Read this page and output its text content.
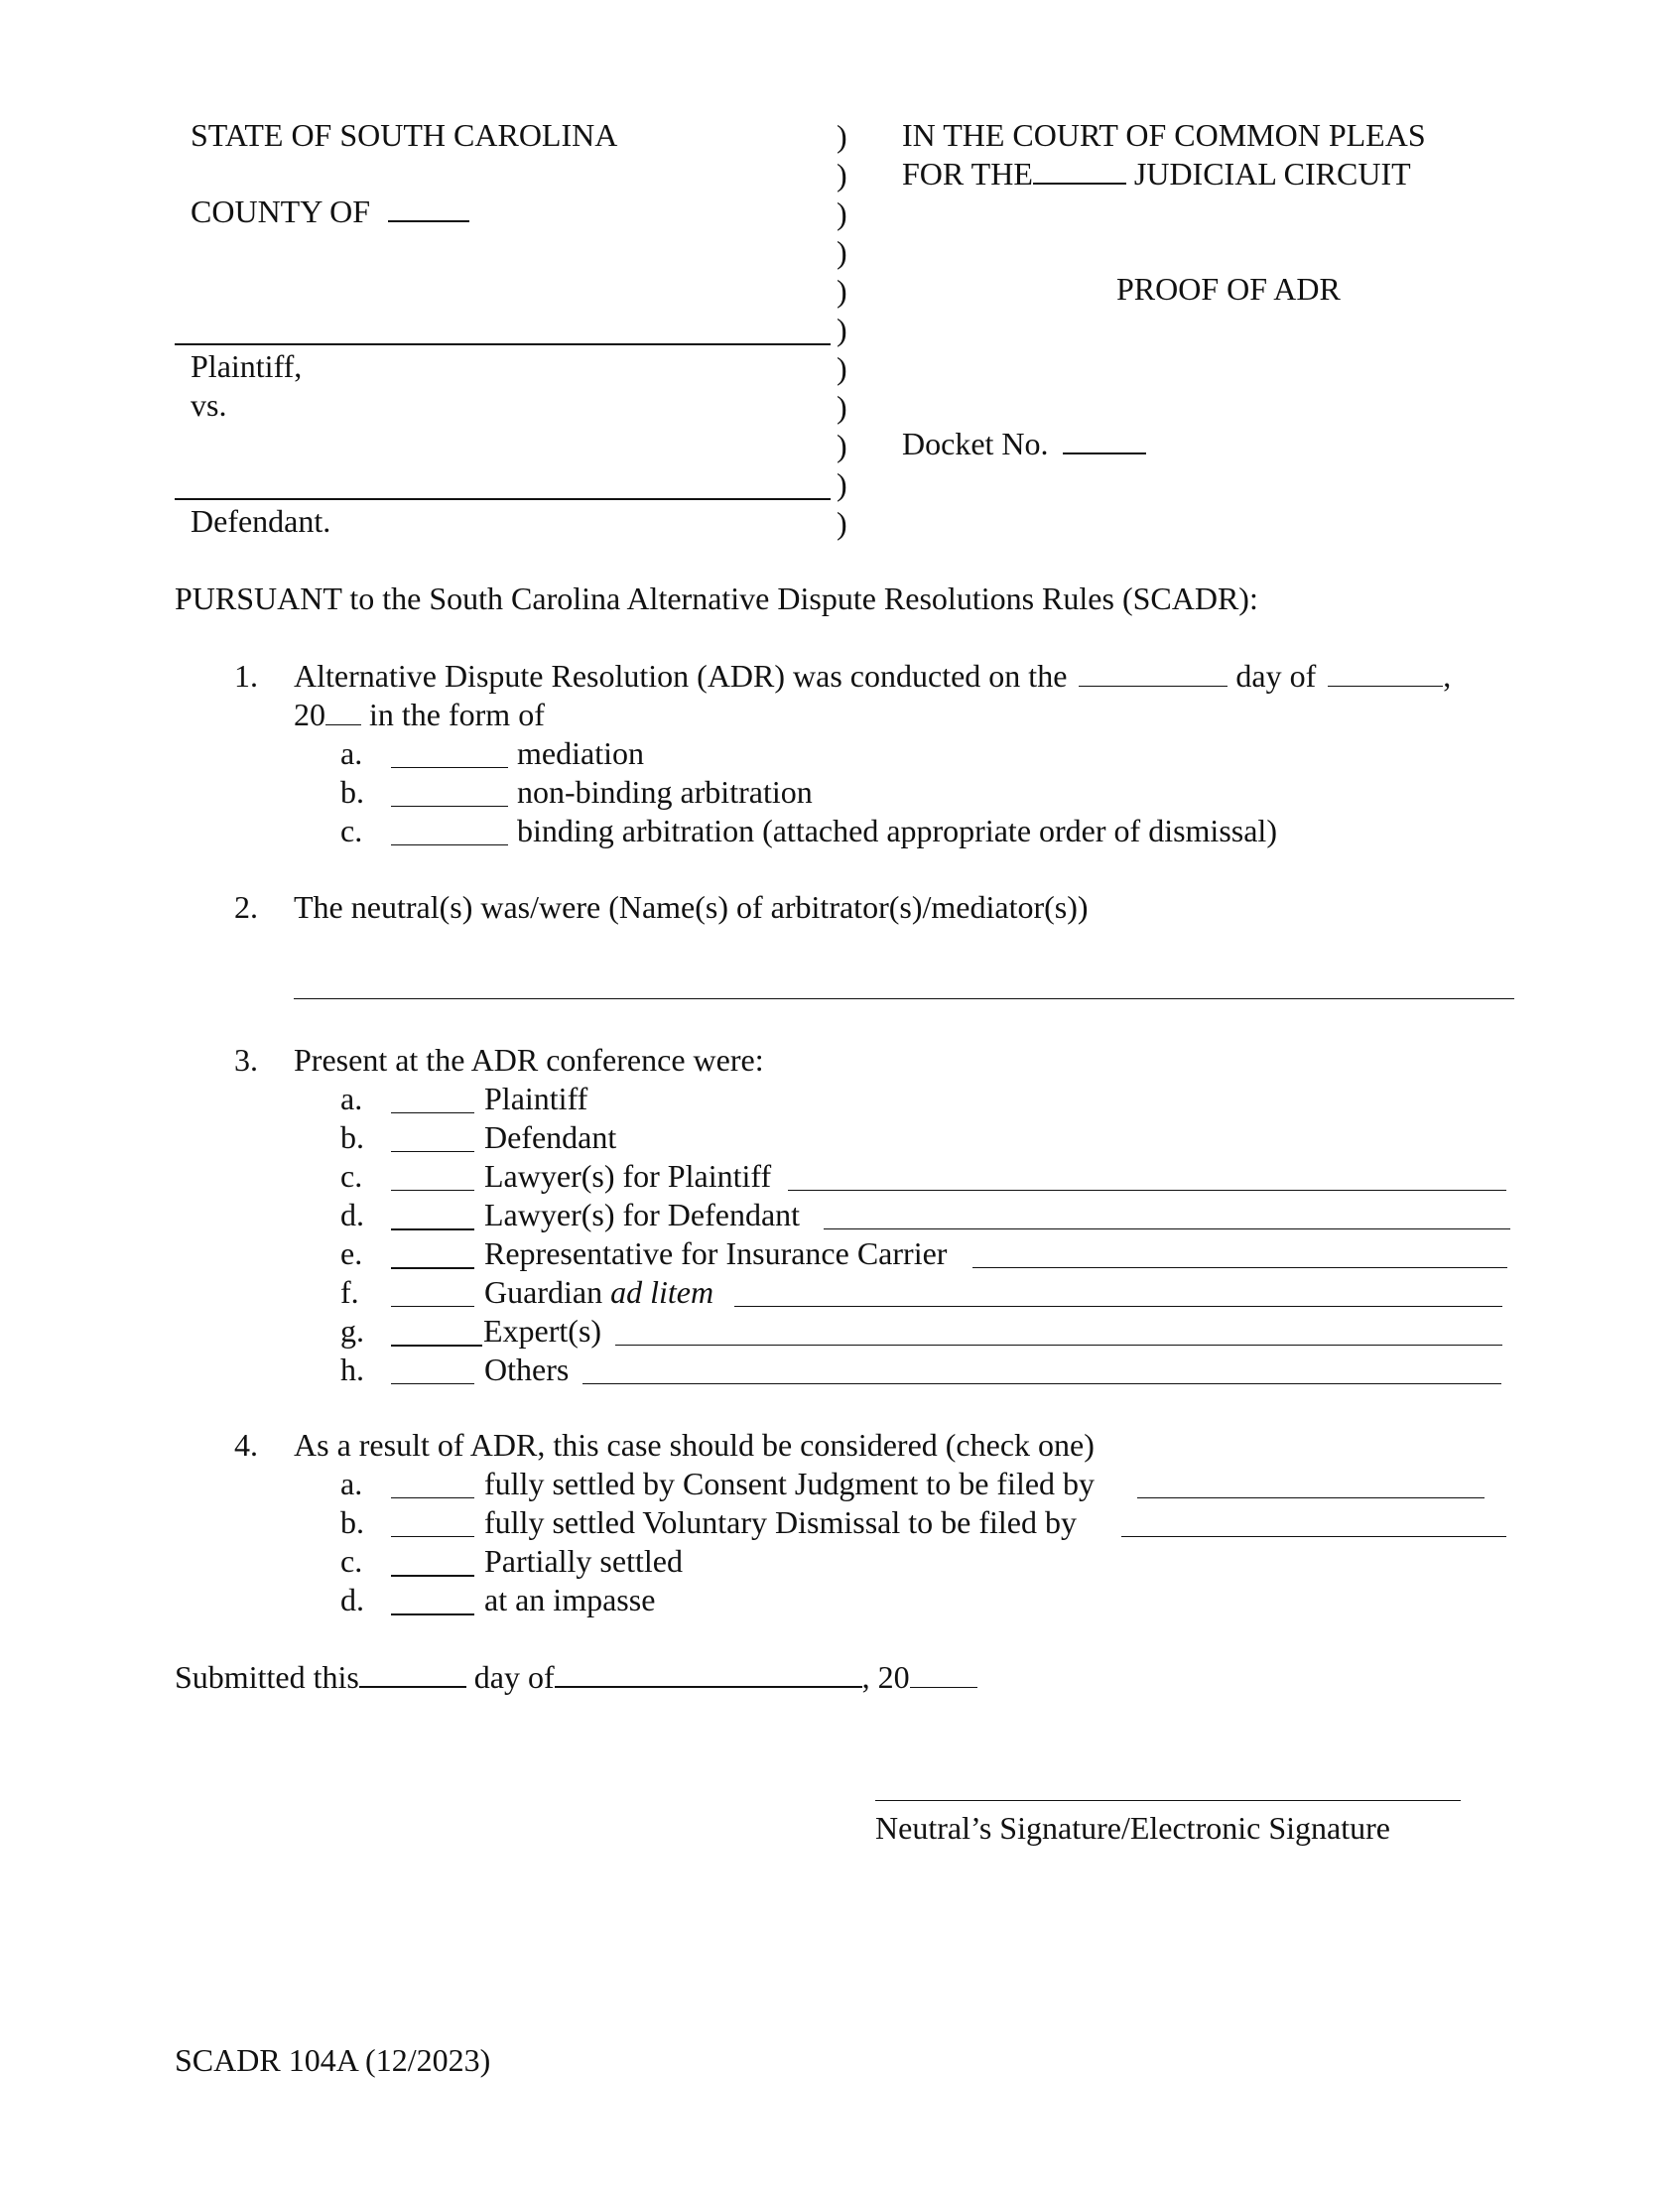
STATE OF SOUTH CAROLINA
COUNTY OF
Plaintiff,
vs.
Defendant.
)
)
)
)
)
)
)
)
)
)
)
IN THE COURT OF COMMON PLEAS
FOR THE	JUDICIAL CIRCUIT
PROOF OF ADR
Docket No.
PURSUANT to the South Carolina Alternative Dispute Resolutions Rules (SCADR):
1. Alternative Dispute Resolution (ADR) was conducted on the	day of	,
20 in the form of
a.	mediation
b.	non-binding arbitration
c.	binding arbitration (attached appropriate order of dismissal)
2. The neutral(s) was/were (Name(s) of arbitrator(s)/mediator(s))
3. Present at the ADR conference were:
a.	Plaintiff
b.	Defendant
c.	Lawyer(s) for Plaintiff
d.	Lawyer(s) for Defendant
e.	Representative for Insurance Carrier
f.	Guardian ad litem
g.	Expert(s)
h.	Others
4. As a result of ADR, this case should be considered (check one)
a.	fully settled by Consent Judgment to be filed by
b.	fully settled Voluntary Dismissal to be filed by
c.	Partially settled
d.	at an impasse
Submitted this	day of	, 20
Neutral’s Signature/Electronic Signature
SCADR 104A (12/2023)
